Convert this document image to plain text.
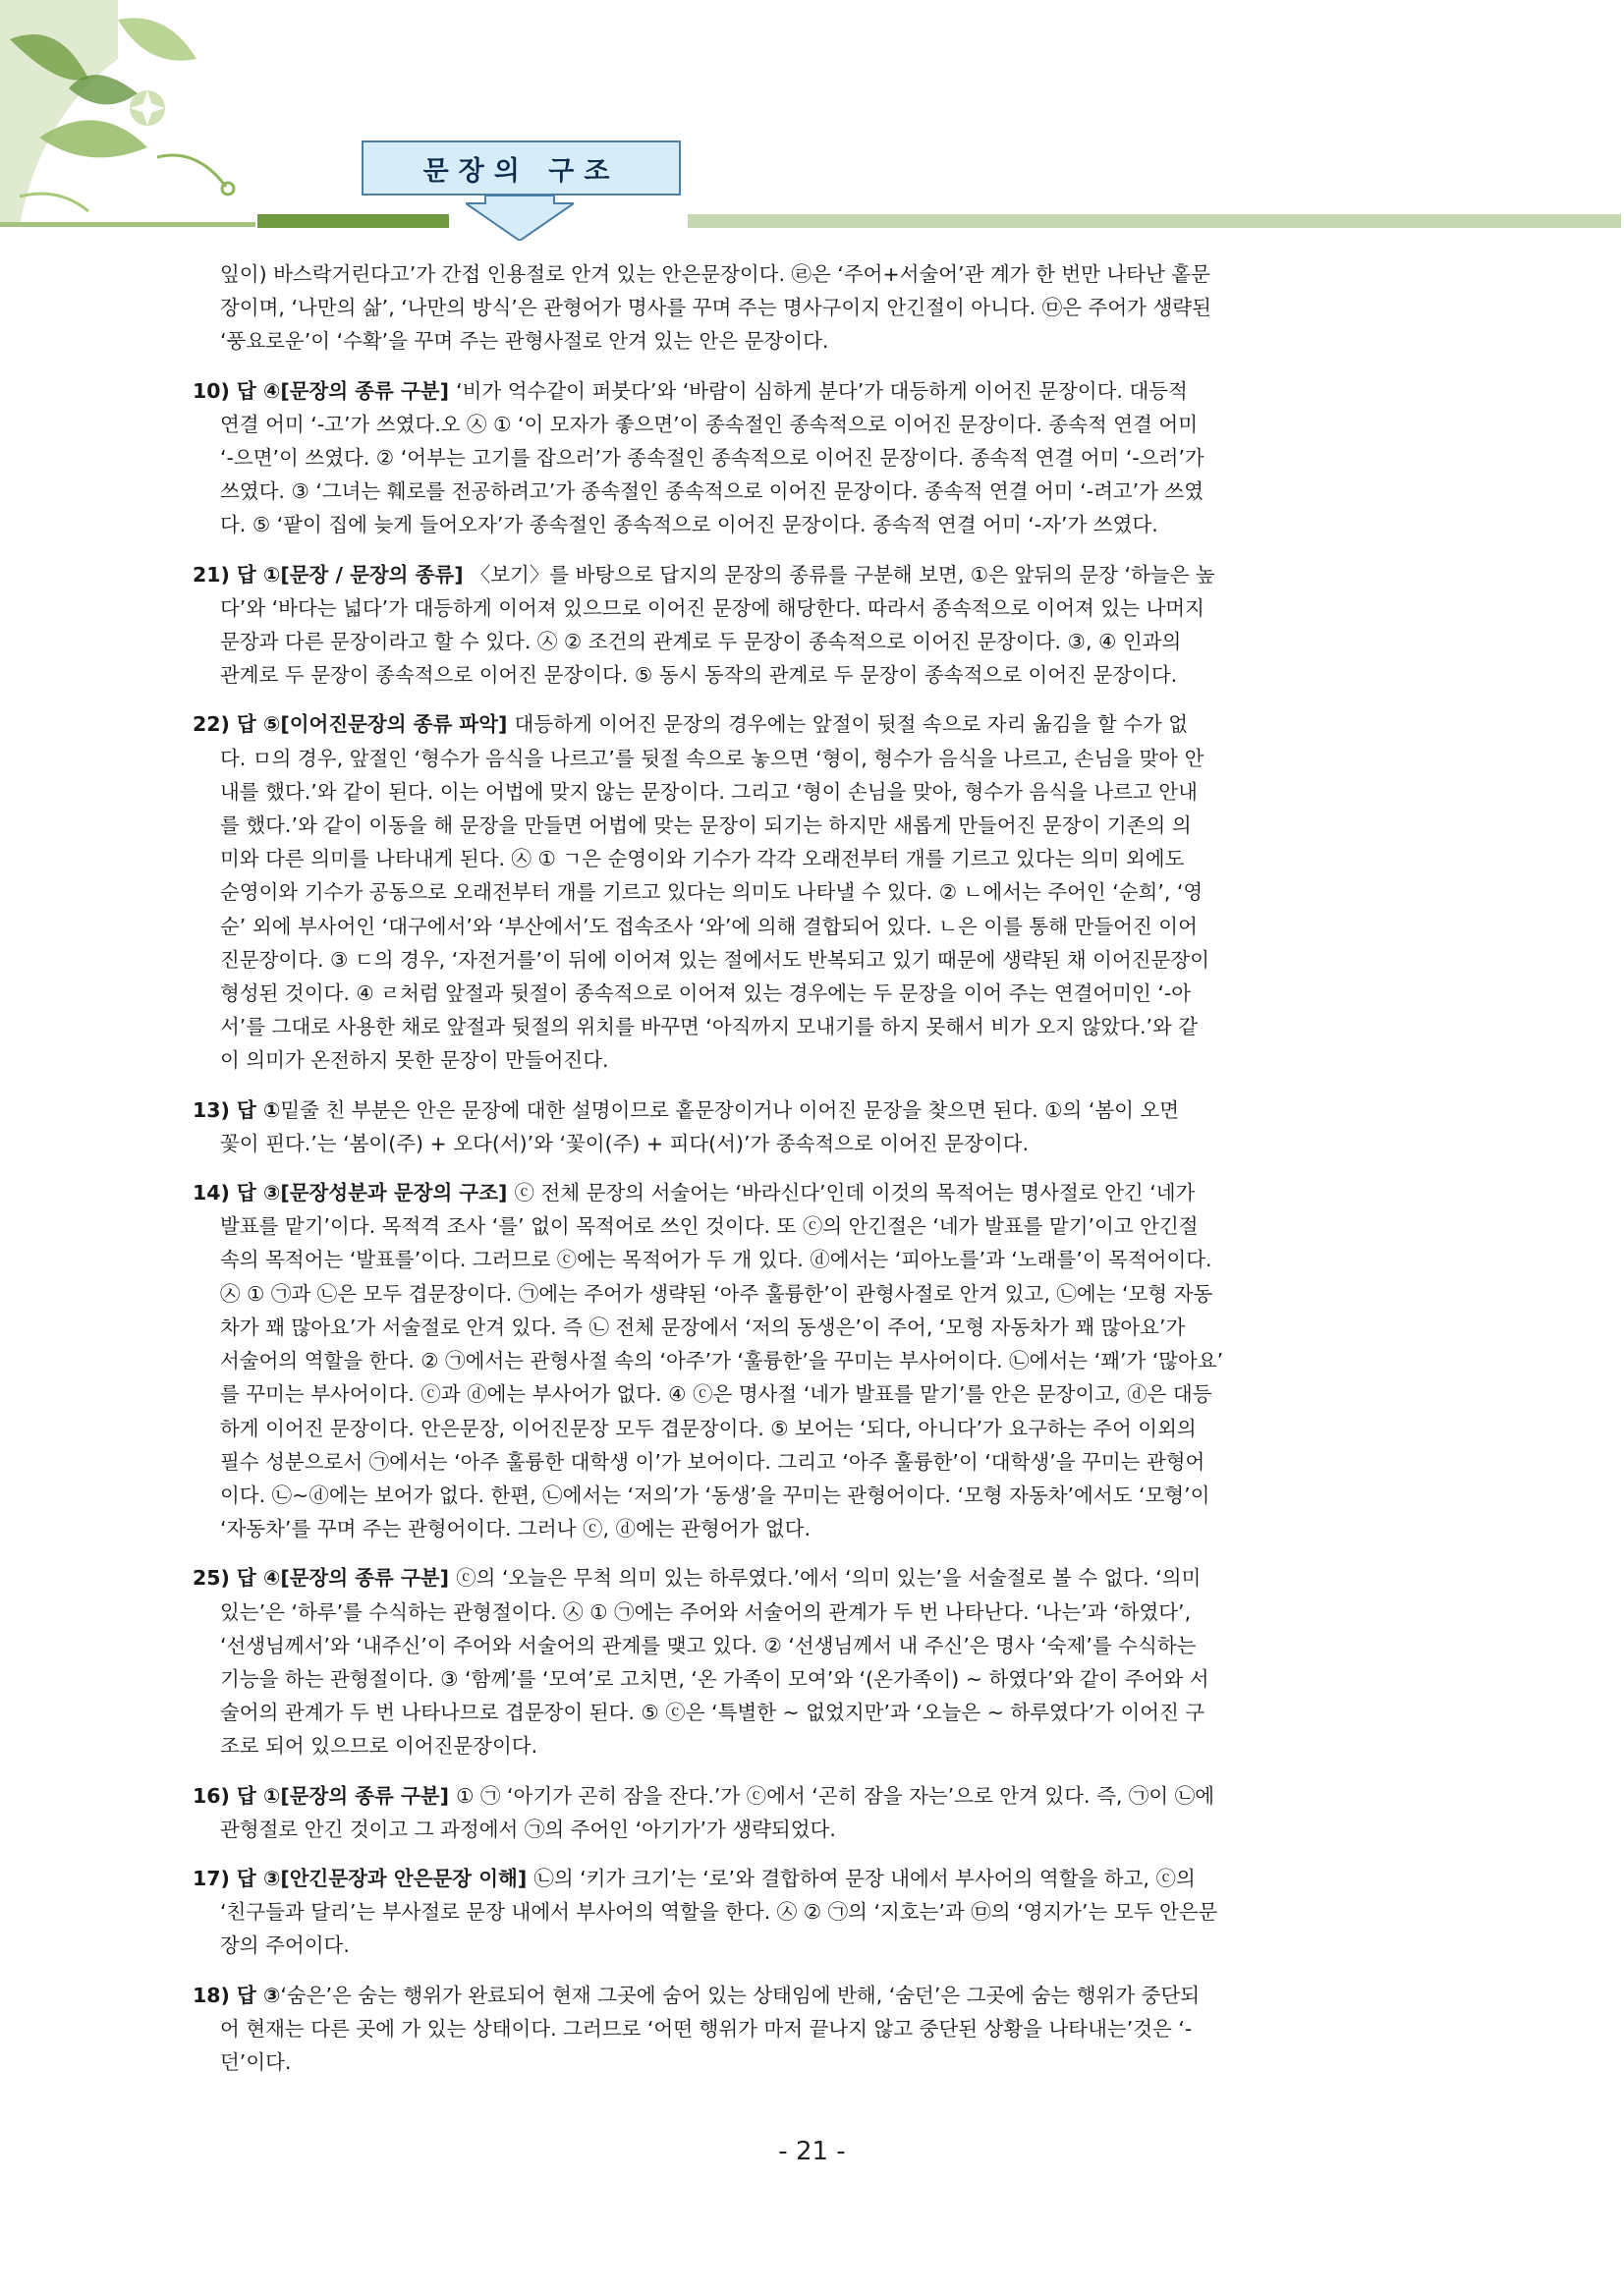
문장의 구조

잎이) 바스락거린다고’가 간접 인용절로 안겨 있는 안은문장이다. ㉣은 ‘주어+서술어’관 계가 한 번만 나타난 홑문

장이며, ‘나만의 삶’, ‘나만의 방식’은 관형어가 명사를 꾸며 주는 명사구이지 안긴절이 아니다. ㉤은 주어가 생략된

‘풍요로운’이 ‘수확’을 꾸며 주는 관형사절로 안겨 있는 안은 문장이다.

10) 답 ④[문장의 종류 구분] ‘비가 억수같이 퍼붓다’와 ‘바람이 심하게 분다’가 대등하게 이어진 문장이다. 대등적

연결 어미 ‘-고’가 쓰였다.오 ㉦ ① ‘이 모자가 좋으면’이 종속절인 종속적으로 이어진 문장이다. 종속적 연결 어미

‘-으면’이 쓰였다. ② ‘어부는 고기를 잡으러’가 종속절인 종속적으로 이어진 문장이다. 종속적 연결 어미 ‘-으러’가

쓰였다. ③ ‘그녀는 훼로를 전공하려고’가 종속절인 종속적으로 이어진 문장이다. 종속적 연결 어미 ‘-려고’가 쓰였

다. ⑤ ‘팥이 집에 늦게 들어오자’가 종속절인 종속적으로 이어진 문장이다. 종속적 연결 어미 ‘-자’가 쓰였다.

21) 답 ①[문장 / 문장의 종류] 〈보기〉를 바탕으로 답지의 문장의 종류를 구분해 보면, ①은 앞뒤의 문장 ‘하늘은 높

다’와 ‘바다는 넓다’가 대등하게 이어져 있으므로 이어진 문장에 해당한다. 따라서 종속적으로 이어져 있는 나머지

문장과 다른 문장이라고 할 수 있다. ㉦ ② 조건의 관계로 두 문장이 종속적으로 이어진 문장이다. ③, ④ 인과의

관계로 두 문장이 종속적으로 이어진 문장이다. ⑤ 동시 동작의 관계로 두 문장이 종속적으로 이어진 문장이다.

22) 답 ⑤[이어진문장의 종류 파악] 대등하게 이어진 문장의 경우에는 앞절이 뒷절 속으로 자리 옮김을 할 수가 없

다. ㅁ의 경우, 앞절인 ‘형수가 음식을 나르고’를 뒷절 속으로 놓으면 ‘형이, 형수가 음식을 나르고, 손님을 맞아 안

내를 했다.’와 같이 된다. 이는 어법에 맞지 않는 문장이다. 그리고 ‘형이 손님을 맞아, 형수가 음식을 나르고 안내

를 했다.’와 같이 이동을 해 문장을 만들면 어법에 맞는 문장이 되기는 하지만 새롭게 만들어진 문장이 기존의 의

미와 다른 의미를 나타내게 된다. ㉦ ① ㄱ은 순영이와 기수가 각각 오래전부터 개를 기르고 있다는 의미 외에도

순영이와 기수가 공동으로 오래전부터 개를 기르고 있다는 의미도 나타낼 수 있다. ② ㄴ에서는 주어인 ‘순희’, ‘영

순’ 외에 부사어인 ‘대구에서’와 ‘부산에서’도 접속조사 ‘와’에 의해 결합되어 있다. ㄴ은 이를 통해 만들어진 이어

진문장이다. ③ ㄷ의 경우, ‘자전거를’이 뒤에 이어져 있는 절에서도 반복되고 있기 때문에 생략된 채 이어진문장이

형성된 것이다. ④ ㄹ처럼 앞절과 뒷절이 종속적으로 이어져 있는 경우에는 두 문장을 이어 주는 연결어미인 ‘-아

서’를 그대로 사용한 채로 앞절과 뒷절의 위치를 바꾸면 ‘아직까지 모내기를 하지 못해서 비가 오지 않았다.’와 같

이 의미가 온전하지 못한 문장이 만들어진다.

13) 답 ①밑줄 친 부분은 안은 문장에 대한 설명이므로 홑문장이거나 이어진 문장을 찾으면 된다. ①의 ‘봄이 오면

꽃이 핀다.’는 ‘봄이(주) + 오다(서)’와 ‘꽃이(주) + 피다(서)’가 종속적으로 이어진 문장이다.

14) 답 ③[문장성분과 문장의 구조] ⓒ 전체 문장의 서술어는 ‘바라신다’인데 이것의 목적어는 명사절로 안긴 ‘네가

발표를 맡기’이다. 목적격 조사 ‘를’ 없이 목적어로 쓰인 것이다. 또 ⓒ의 안긴절은 ‘네가 발표를 맡기’이고 안긴절

속의 목적어는 ‘발표를’이다. 그러므로 ⓒ에는 목적어가 두 개 있다. ⓓ에서는 ‘피아노를’과 ‘노래를’이 목적어이다.

㉦ ① ㉠과 ㉡은 모두 겹문장이다. ㉠에는 주어가 생략된 ‘아주 훌륭한’이 관형사절로 안겨 있고, ㉡에는 ‘모형 자동

차가 꽤 많아요’가 서술절로 안겨 있다. 즉 ㉡ 전체 문장에서 ‘저의 동생은’이 주어, ‘모형 자동차가 꽤 많아요’가

서술어의 역할을 한다. ② ㉠에서는 관형사절 속의 ‘아주’가 ‘훌륭한’을 꾸미는 부사어이다. ㉡에서는 ‘꽤’가 ‘많아요’

를 꾸미는 부사어이다. ⓒ과 ⓓ에는 부사어가 없다. ④ ⓒ은 명사절 ‘네가 발표를 맡기’를 안은 문장이고, ⓓ은 대등

하게 이어진 문장이다. 안은문장, 이어진문장 모두 겹문장이다. ⑤ 보어는 ‘되다, 아니다’가 요구하는 주어 이외의

필수 성분으로서 ㉠에서는 ‘아주 훌륭한 대학생 이’가 보어이다. 그리고 ‘아주 훌륭한’이 ‘대학생’을 꾸미는 관형어

이다. ㉡~ⓓ에는 보어가 없다. 한편, ㉡에서는 ‘저의’가 ‘동생’을 꾸미는 관형어이다. ‘모형 자동차’에서도 ‘모형’이

‘자동차’를 꾸며 주는 관형어이다. 그러나 ⓒ, ⓓ에는 관형어가 없다.

25) 답 ④[문장의 종류 구분] ⓒ의 ‘오늘은 무척 의미 있는 하루였다.’에서 ‘의미 있는’을 서술절로 볼 수 없다. ‘의미

있는’은 ‘하루’를 수식하는 관형절이다. ㉦ ① ㉠에는 주어와 서술어의 관계가 두 번 나타난다. ‘나는’과 ‘하였다’,

‘선생님께서’와 ‘내주신’이 주어와 서술어의 관계를 맺고 있다. ② ‘선생님께서 내 주신’은 명사 ‘숙제’를 수식하는

기능을 하는 관형절이다. ③ ‘함께’를 ‘모여’로 고치면, ‘온 가족이 모여’와 ‘(온가족이) ~ 하였다’와 같이 주어와 서

술어의 관계가 두 번 나타나므로 겹문장이 된다. ⑤ ⓒ은 ‘특별한 ~ 없었지만’과 ‘오늘은 ~ 하루였다’가 이어진 구

조로 되어 있으므로 이어진문장이다.

16) 답 ①[문장의 종류 구분] ① ㉠ ‘아기가 곤히 잠을 잔다.’가 ⓒ에서 ‘곤히 잠을 자는’으로 안겨 있다. 즉, ㉠이 ㉡에

관형절로 안긴 것이고 그 과정에서 ㉠의 주어인 ‘아기가’가 생략되었다.

17) 답 ③[안긴문장과 안은문장 이해] ㉡의 ‘키가 크기’는 ‘로’와 결합하여 문장 내에서 부사어의 역할을 하고, ⓒ의

‘친구들과 달리’는 부사절로 문장 내에서 부사어의 역할을 한다. ㉦ ② ㉠의 ‘지호는’과 ㉤의 ‘영지가’는 모두 안은문

장의 주어이다.

18) 답 ③‘숨은’은 숨는 행위가 완료되어 현재 그곳에 숨어 있는 상태임에 반해, ‘숨던’은 그곳에 숨는 행위가 중단되

어 현재는 다른 곳에 가 있는 상태이다. 그러므로 ‘어떤 행위가 마저 끝나지 않고 중단된 상황을 나타내는’것은 ‘-

던’이다.

- 21 -
